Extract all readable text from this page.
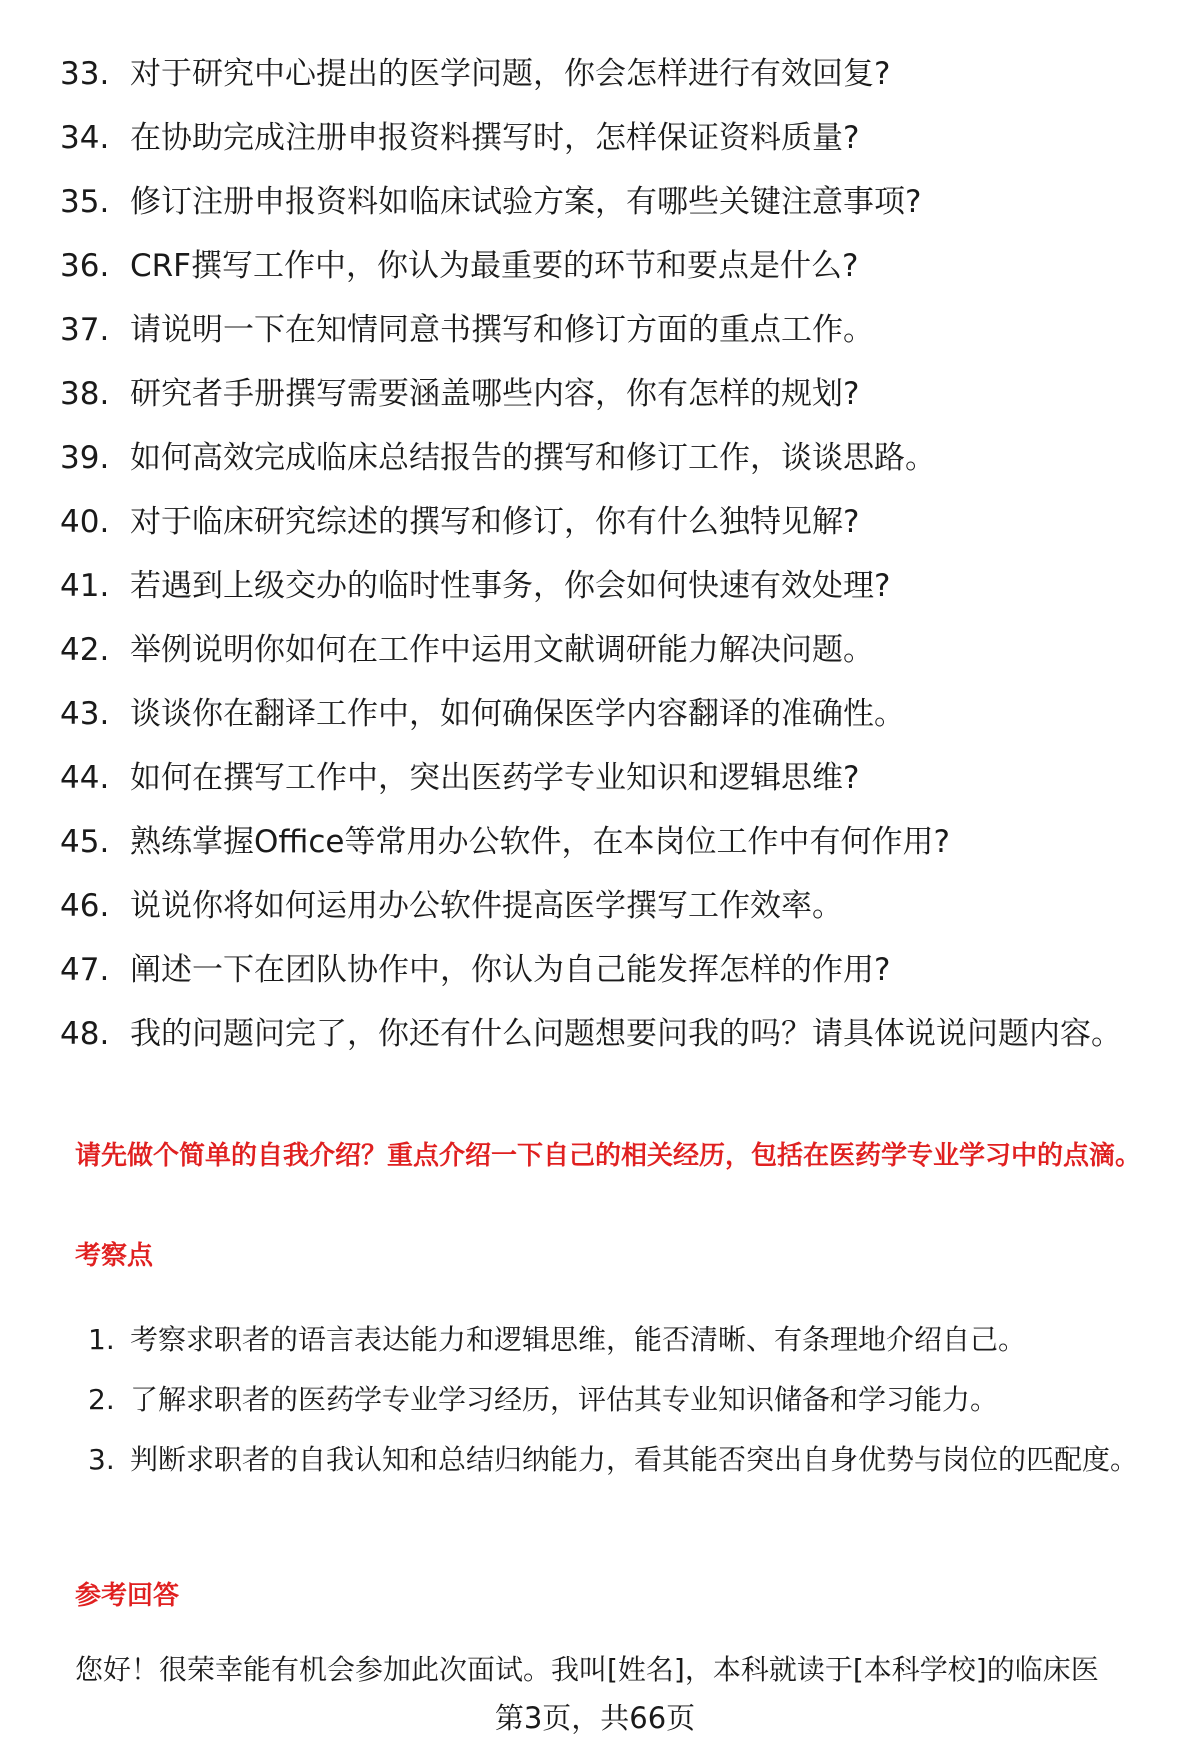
33. 对于研究中心提出的医学问题，你会怎样进行有效回复?
34. 在协助完成注册申报资料撰写时，怎样保证资料质量?
35. 修订注册申报资料如临床试验方案，有哪些关键注意事项?
36. CRF撰写工作中，你认为最重要的环节和要点是什么?
37. 请说明一下在知情同意书撰写和修订方面的重点工作。
38. 研究者手册撰写需要涵盖哪些内容，你有怎样的规划?
39. 如何高效完成临床总结报告的撰写和修订工作，谈谈思路。
40. 对于临床研究综述的撰写和修订，你有什么独特见解?
41. 若遇到上级交办的临时性事务，你会如何快速有效处理?
42. 举例说明你如何在工作中运用文献调研能力解决问题。
43. 谈谈你在翻译工作中，如何确保医学内容翻译的准确性。
44. 如何在撰写工作中，突出医药学专业知识和逻辑思维?
45. 熟练掌握Office等常用办公软件，在本岗位工作中有何作用?
46. 说说你将如何运用办公软件提高医学撰写工作效率。
47. 阐述一下在团队协作中，你认为自己能发挥怎样的作用?
48. 我的问题问完了，你还有什么问题想要问我的吗？请具体说说问题内容。

请先做个简单的自我介绍？重点介绍一下自己的相关经历，包括在医药学专业学习中的点滴。

考察点

1. 考察求职者的语言表达能力和逻辑思维，能否清晰、有条理地介绍自己。
2. 了解求职者的医药学专业学习经历，评估其专业知识储备和学习能力。
3. 判断求职者的自我认知和总结归纳能力，看其能否突出自身优势与岗位的匹配度。

参考回答

您好！很荣幸能有机会参加此次面试。我叫[姓名]，本科就读于[本科学校]的临床医

第3页，共66页
